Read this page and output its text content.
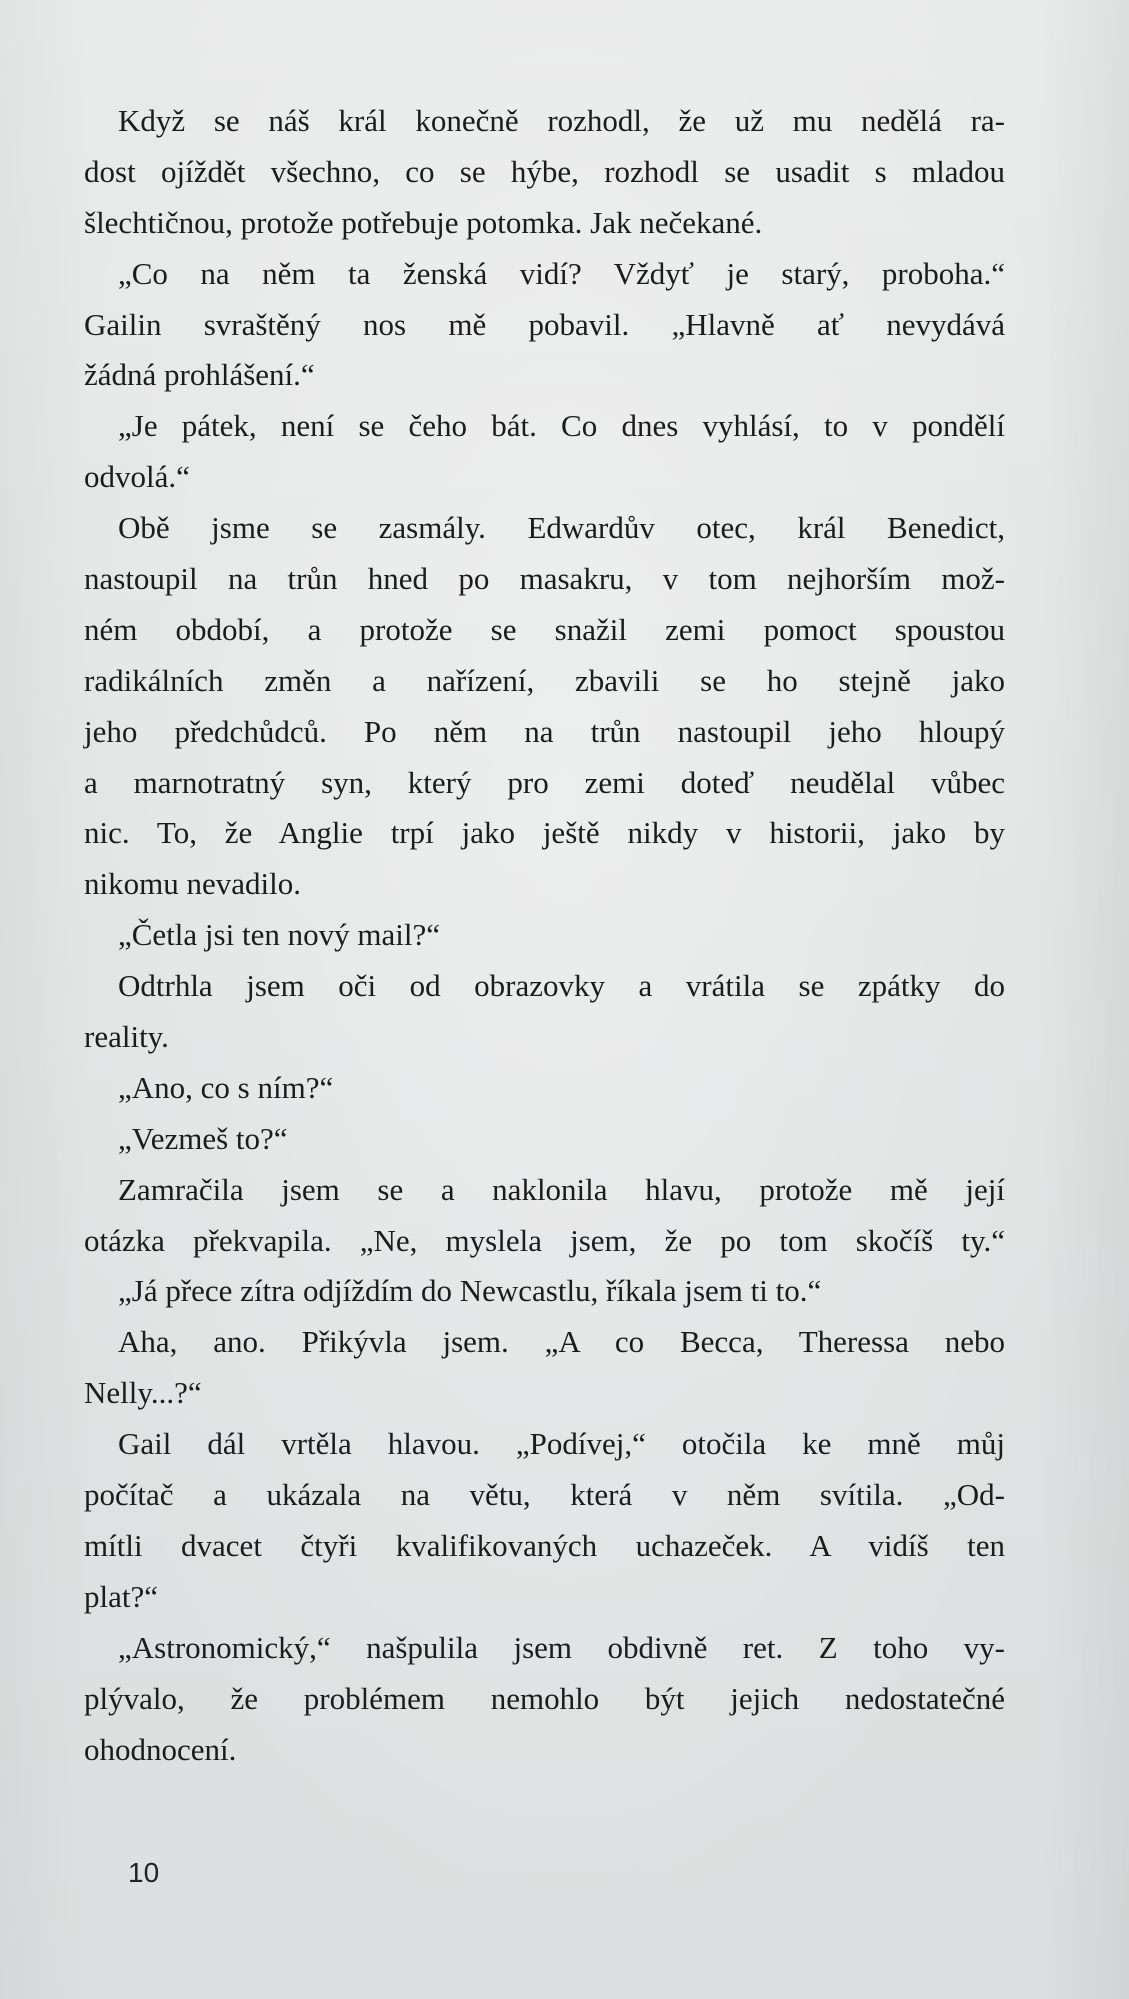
Když se náš král konečně rozhodl, že už mu nedělá ra-
dost ojíždět všechno, co se hýbe, rozhodl se usadit s mladou
šlechtičnou, protože potřebuje potomka. Jak nečekané.
„Co na něm ta ženská vidí? Vždyť je starý, proboha.“
Gailin svraštěný nos mě pobavil. „Hlavně ať nevydává
žádná prohlášení.“
„Je pátek, není se čeho bát. Co dnes vyhlásí, to v pondělí
odvolá.“
Obě jsme se zasmály. Edwardův otec, král Benedict,
nastoupil na trůn hned po masakru, v tom nejhorším mož-
ném období, a protože se snažil zemi pomoct spoustou
radikálních změn a nařízení, zbavili se ho stejně jako
jeho předchůdců. Po něm na trůn nastoupil jeho hloupý
a marnotratný syn, který pro zemi doteď neudělal vůbec
nic. To, že Anglie trpí jako ještě nikdy v historii, jako by
nikomu nevadilo.
„Četla jsi ten nový mail?“
Odtrhla jsem oči od obrazovky a vrátila se zpátky do
reality.
„Ano, co s ním?“
„Vezmeš to?“
Zamračila jsem se a naklonila hlavu, protože mě její
otázka překvapila. „Ne, myslela jsem, že po tom skočíš ty.“
„Já přece zítra odjíždím do Newcastlu, říkala jsem ti to.“
Aha, ano. Přikývla jsem. „A co Becca, Theressa nebo
Nelly...?“
Gail dál vrtěla hlavou. „Podívej,“ otočila ke mně můj
počítač a ukázala na větu, která v něm svítila. „Od-
mítli dvacet čtyři kvalifikovaných uchazeček. A vidíš ten
plat?“
„Astronomický,“ našpulila jsem obdivně ret. Z toho vy-
plývalo, že problémem nemohlo být jejich nedostatečné
ohodnocení.
10
